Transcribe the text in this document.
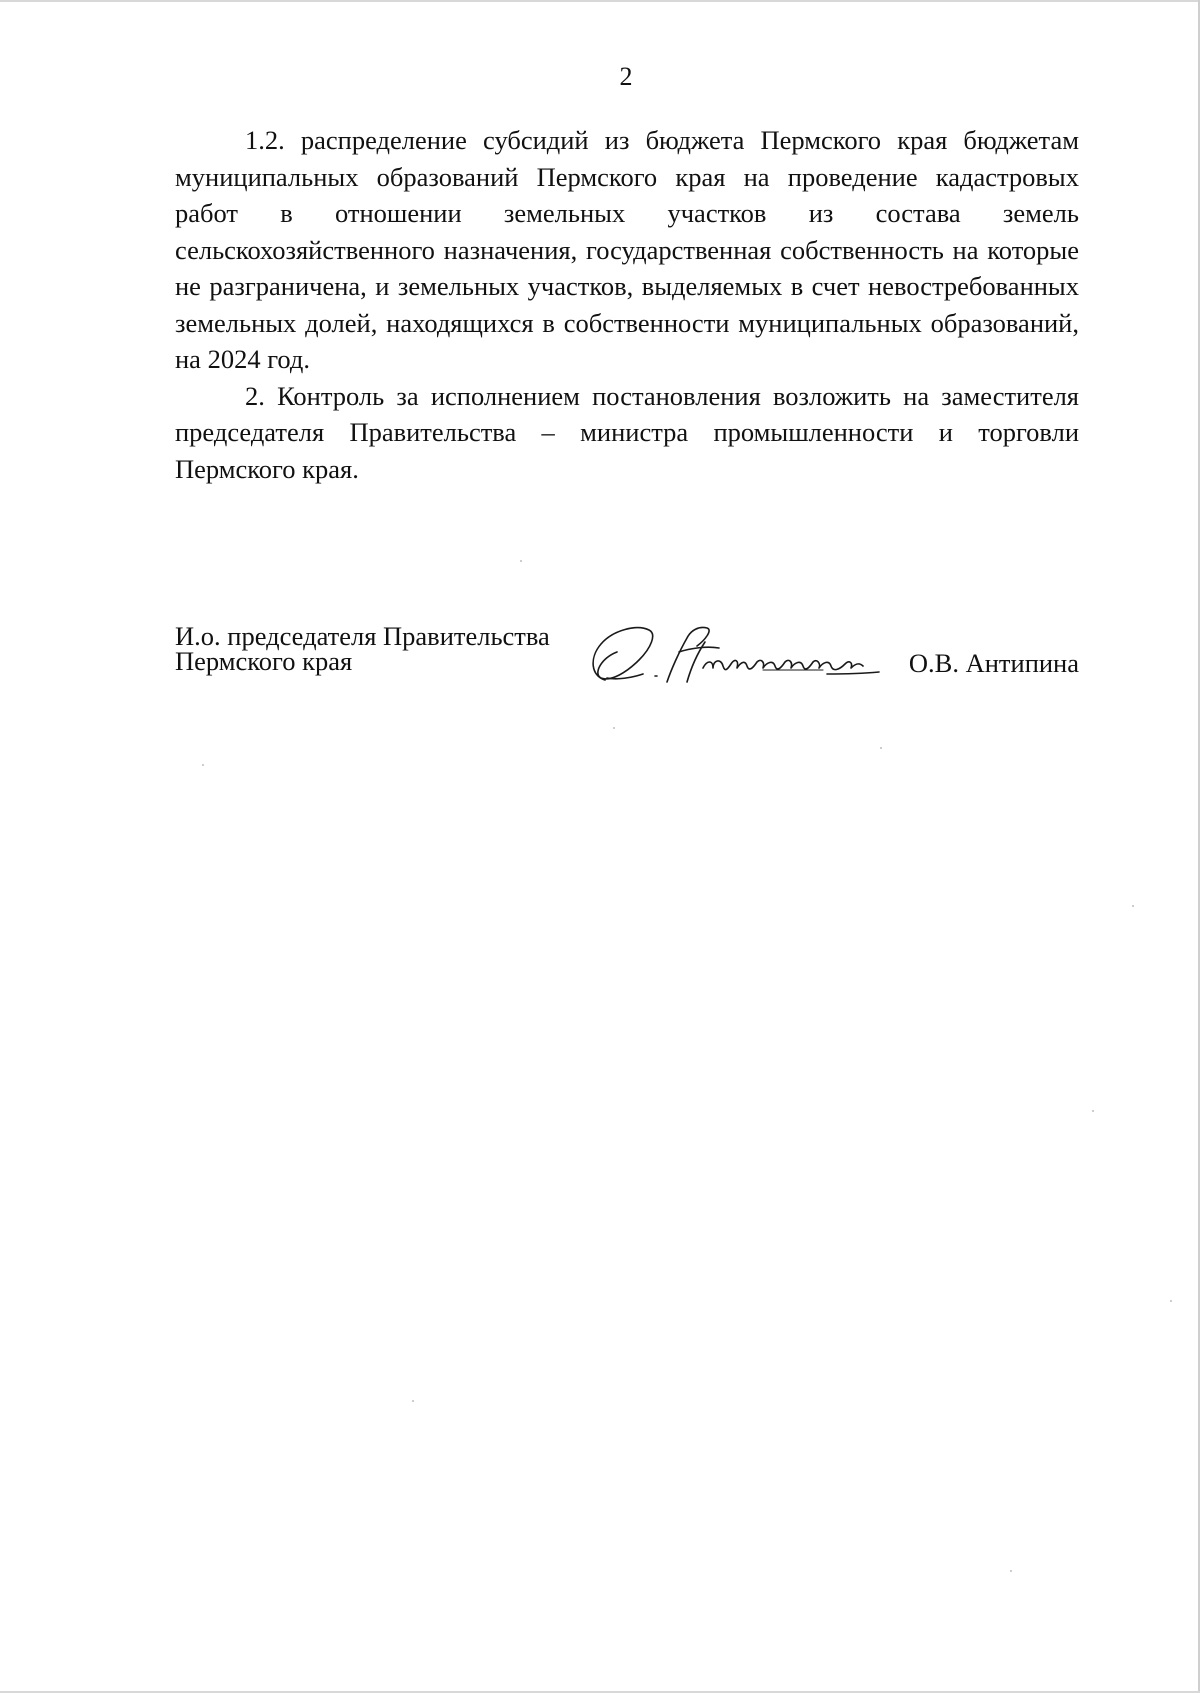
2

1.2. распределение субсидий из бюджета Пермского края бюджетам муниципальных образований Пермского края на проведение кадастровых работ в отношении земельных участков из состава земель сельскохозяйственного назначения, государственная собственность на которые не разграничена, и земельных участков, выделяемых в счет невостребованных земельных долей, находящихся в собственности муниципальных образований, на 2024 год.

2. Контроль за исполнением постановления возложить на заместителя председателя Правительства – министра промышленности и торговли Пермского края.

И.о. председателя Правительства
Пермского края	О.В. Антипина
